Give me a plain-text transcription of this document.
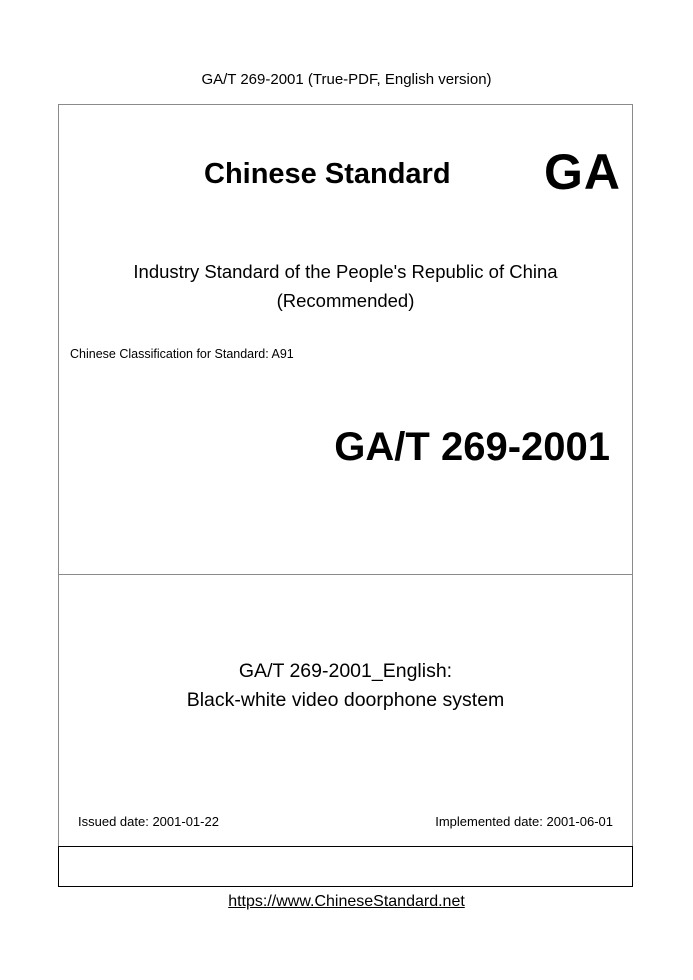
GA/T 269-2001 (True-PDF, English version)
Chinese Standard GA
Industry Standard of the People's Republic of China
(Recommended)
Chinese Classification for Standard: A91
GA/T 269-2001
GA/T 269-2001_English:
Black-white video doorphone system
Issued date: 2001-01-22	Implemented date: 2001-06-01
https://www.ChineseStandard.net
